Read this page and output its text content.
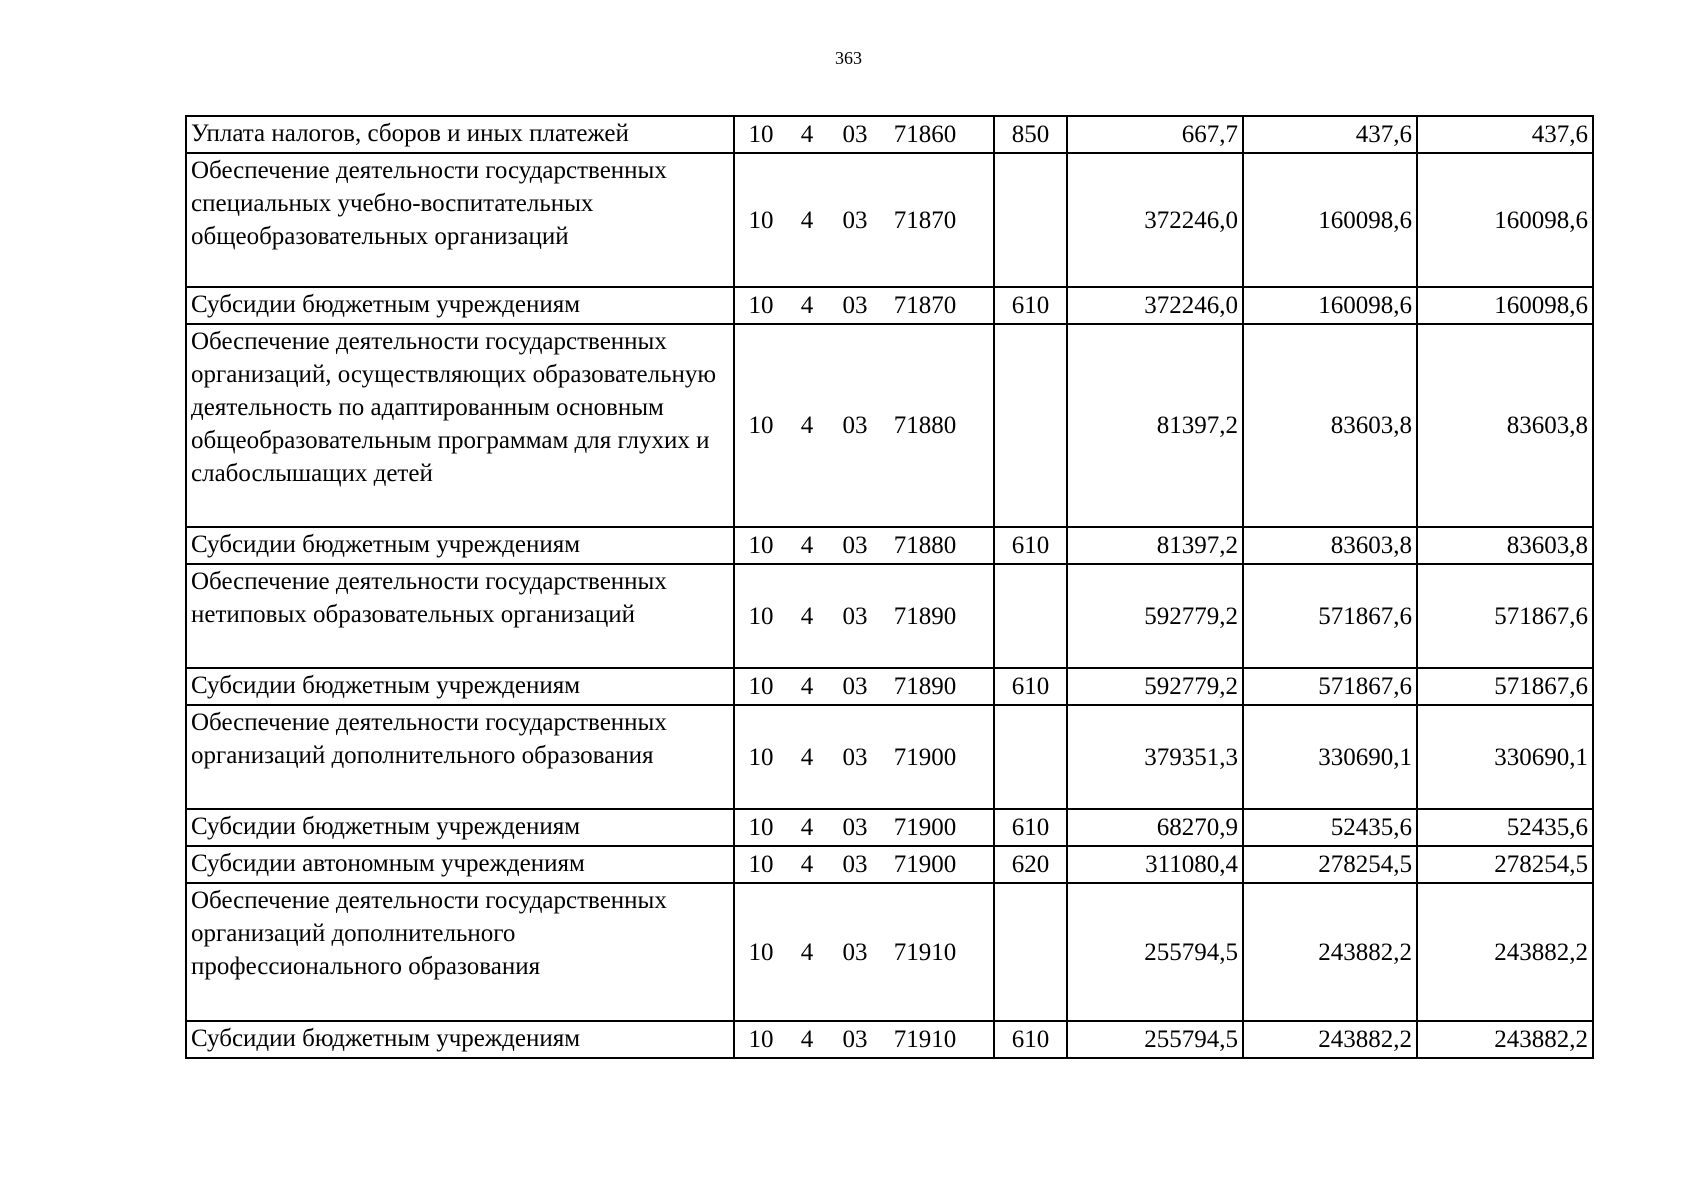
363
Уплата налогов, сборов и иных платежей	10 4 03 71860	850	667,7	437,6	437,6
Обеспечение деятельности государственных специальных учебно-воспитательных общеобразовательных организаций	10 4 03 71870		372246,0	160098,6	160098,6
Субсидии бюджетным учреждениям	10 4 03 71870	610	372246,0	160098,6	160098,6
Обеспечение деятельности государственных организаций, осуществляющих образовательную деятельность по адаптированным основным общеобразовательным программам для глухих и слабослышащих детей	10 4 03 71880		81397,2	83603,8	83603,8
Субсидии бюджетным учреждениям	10 4 03 71880	610	81397,2	83603,8	83603,8
Обеспечение деятельности государственных нетиповых образовательных организаций	10 4 03 71890		592779,2	571867,6	571867,6
Субсидии бюджетным учреждениям	10 4 03 71890	610	592779,2	571867,6	571867,6
Обеспечение деятельности государственных организаций дополнительного образования	10 4 03 71900		379351,3	330690,1	330690,1
Субсидии бюджетным учреждениям	10 4 03 71900	610	68270,9	52435,6	52435,6
Субсидии автономным учреждениям	10 4 03 71900	620	311080,4	278254,5	278254,5
Обеспечение деятельности государственных организаций дополнительного профессионального образования	10 4 03 71910		255794,5	243882,2	243882,2
Субсидии бюджетным учреждениям	10 4 03 71910	610	255794,5	243882,2	243882,2
